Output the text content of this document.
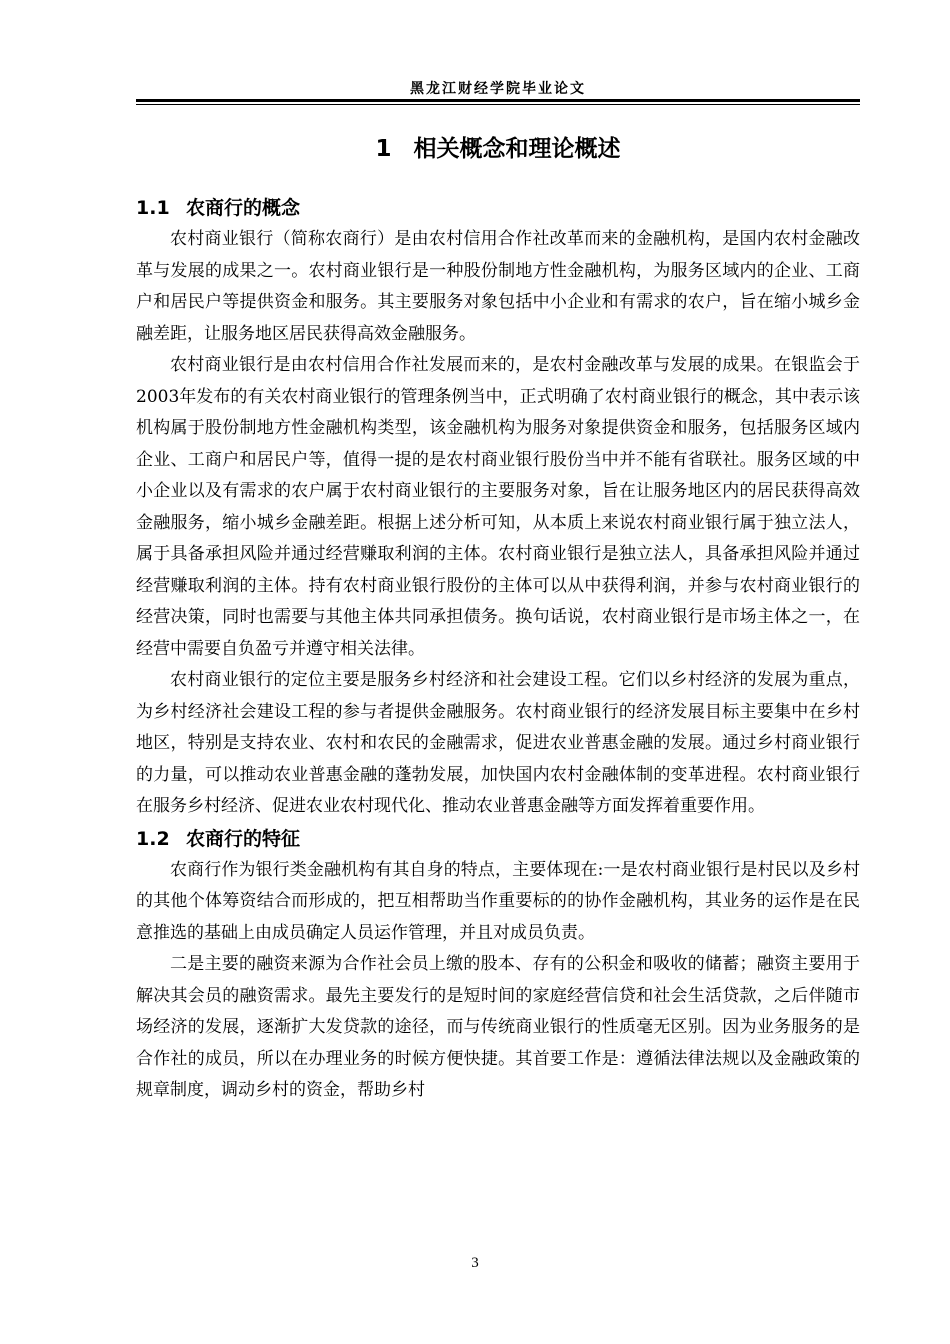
黑龙江财经学院毕业论文
1 相关概念和理论概述
1.1 农商行的概念

农村商业银行（简称农商行）是由农村信用合作社改革而来的金融机构，是国内农村金融改革与发展的成果之一。农村商业银行是一种股份制地方性金融机构，为服务区域内的企业、工商户和居民户等提供资金和服务。其主要服务对象包括中小企业和有需求的农户，旨在缩小城乡金融差距，让服务地区居民获得高效金融服务。

农村商业银行是由农村信用合作社发展而来的，是农村金融改革与发展的成果。在银监会于2003年发布的有关农村商业银行的管理条例当中，正式明确了农村商业银行的概念，其中表示该机构属于股份制地方性金融机构类型，该金融机构为服务对象提供资金和服务，包括服务区域内企业、工商户和居民户等，值得一提的是农村商业银行股份当中并不能有省联社。服务区域的中小企业以及有需求的农户属于农村商业银行的主要服务对象，旨在让服务地区内的居民获得高效金融服务，缩小城乡金融差距。根据上述分析可知，从本质上来说农村商业银行属于独立法人，属于具备承担风险并通过经营赚取利润的主体。农村商业银行是独立法人，具备承担风险并通过经营赚取利润的主体。持有农村商业银行股份的主体可以从中获得利润，并参与农村商业银行的经营决策，同时也需要与其他主体共同承担债务。换句话说，农村商业银行是市场主体之一，在经营中需要自负盈亏并遵守相关法律。

农村商业银行的定位主要是服务乡村经济和社会建设工程。它们以乡村经济的发展为重点，为乡村经济社会建设工程的参与者提供金融服务。农村商业银行的经济发展目标主要集中在乡村地区，特别是支持农业、农村和农民的金融需求，促进农业普惠金融的发展。通过乡村商业银行的力量，可以推动农业普惠金融的蓬勃发展，加快国内农村金融体制的变革进程。农村商业银行在服务乡村经济、促进农业农村现代化、推动农业普惠金融等方面发挥着重要作用。

1.2 农商行的特征

农商行作为银行类金融机构有其自身的特点，主要体现在:一是农村商业银行是村民以及乡村的其他个体筹资结合而形成的，把互相帮助当作重要标的的协作金融机构，其业务的运作是在民意推选的基础上由成员确定人员运作管理，并且对成员负责。

二是主要的融资来源为合作社会员上缴的股本、存有的公积金和吸收的储蓄；融资主要用于解决其会员的融资需求。最先主要发行的是短时间的家庭经营信贷和社会生活贷款，之后伴随市场经济的发展，逐渐扩大发贷款的途径，而与传统商业银行的性质毫无区别。因为业务服务的是合作社的成员，所以在办理业务的时候方便快捷。其首要工作是：遵循法律法规以及金融政策的规章制度，调动乡村的资金，帮助乡村

3
